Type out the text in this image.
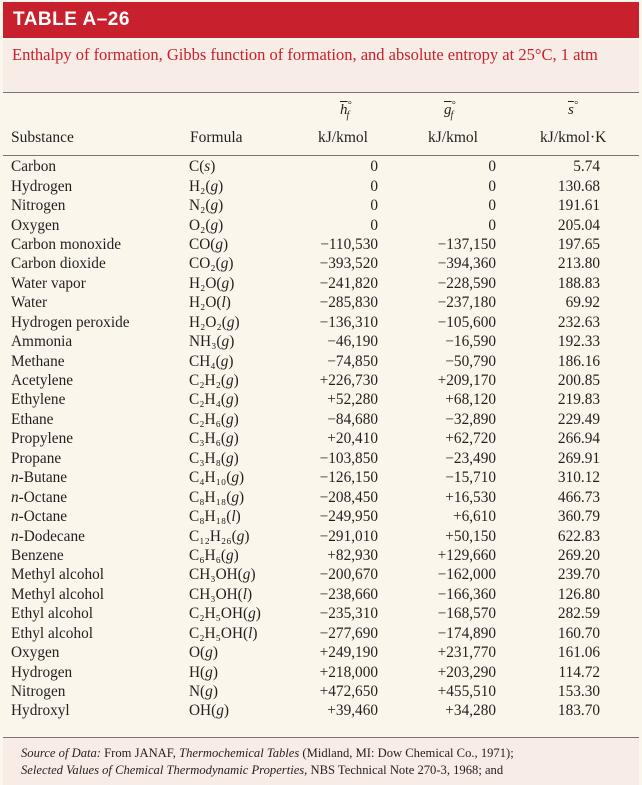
TABLE A–26
Enthalpy of formation, Gibbs function of formation, and absolute entropy at 25°C, 1 atm
$\overline{h}^\circ_f$	$\overline{g}^\circ_f$	$\overline{s}^\circ$
Substance	Formula	kJ/kmol	kJ/kmol	kJ/kmol·K
Carbon	C(s)	0	0	5.74	
Hydrogen	H₂(g)	0	0	130.68	
Nitrogen	N₂(g)	0	0	191.61	
Oxygen	O₂(g)	0	0	205.04	
Carbon monoxide	CO(g)	−110,530	−137,150	197.65	
Carbon dioxide	CO₂(g)	−393,520	−394,360	213.80	
Water vapor	H₂O(g)	−241,820	−228,590	188.83	
Water	H₂O(l)	−285,830	−237,180	69.92	
Hydrogen peroxide	H₂O₂(g)	−136,310	−105,600	232.63	
Ammonia	NH₃(g)	−46,190	−16,590	192.33	
Methane	CH₄(g)	−74,850	−50,790	186.16	
Acetylene	C₂H₂(g)	+226,730	+209,170	200.85	
Ethylene	C₂H₄(g)	+52,280	+68,120	219.83	
Ethane	C₂H₆(g)	−84,680	−32,890	229.49	
Propylene	C₃H₆(g)	+20,410	+62,720	266.94	
Propane	C₃H₈(g)	−103,850	−23,490	269.91	
n-Butane	C₄H₁₀(g)	−126,150	−15,710	310.12	
n-Octane	C₈H₁₈(g)	−208,450	+16,530	466.73	
n-Octane	C₈H₁₈(l)	−249,950	+6,610	360.79	
n-Dodecane	C₁₂H₂₆(g)	−291,010	+50,150	622.83	
Benzene	C₆H₆(g)	+82,930	+129,660	269.20	
Methyl alcohol	CH₃OH(g)	−200,670	−162,000	239.70	
Methyl alcohol	CH₃OH(l)	−238,660	−166,360	126.80	
Ethyl alcohol	C₂H₅OH(g)	−235,310	−168,570	282.59	
Ethyl alcohol	C₂H₅OH(l)	−277,690	−174,890	160.70	
Oxygen	O(g)	+249,190	+231,770	161.06	
Hydrogen	H(g)	+218,000	+203,290	114.72	
Nitrogen	N(g)	+472,650	+455,510	153.30	
Hydroxyl	OH(g)	+39,460	+34,280	183.70	
Source of Data: From JANAF, Thermochemical Tables (Midland, MI: Dow Chemical Co., 1971);
Selected Values of Chemical Thermodynamic Properties, NBS Technical Note 270-3, 1968; and
